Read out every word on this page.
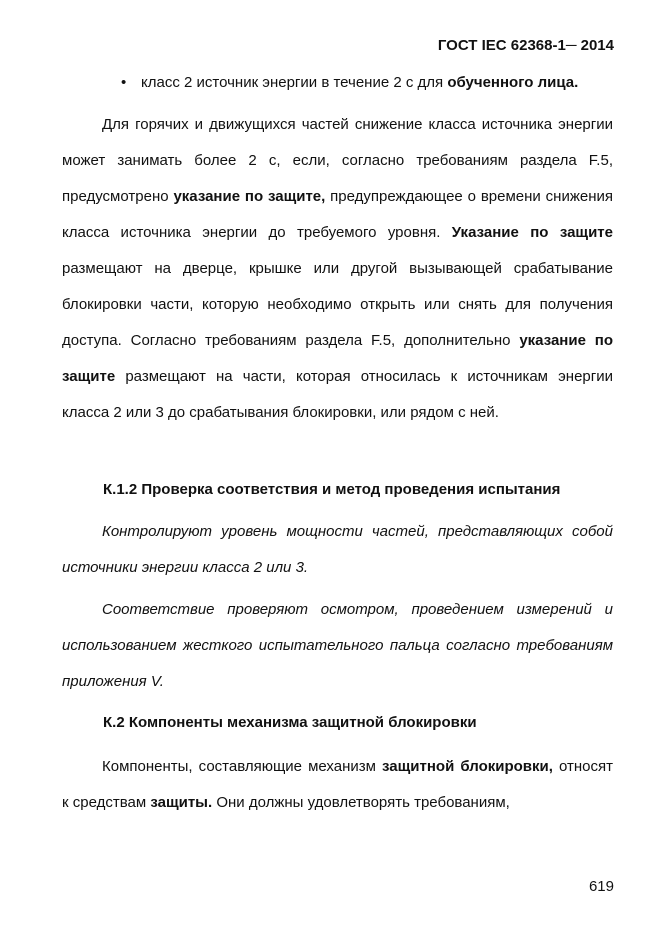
ГОСТ IEC 62368-1─ 2014
• класс 2 источник энергии в течение 2 с для обученного лица.

Для горячих и движущихся частей снижение класса источника энергии может занимать более 2 с, если, согласно требованиям раздела F.5, предусмотрено указание по защите, предупреждающее о времени снижения класса источника энергии до требуемого уровня. Указание по защите размещают на дверце, крышке или другой вызывающей срабатывание блокировки части, которую необходимо открыть или снять для получения доступа. Согласно требованиям раздела F.5, дополнительно указание по защите размещают на части, которая относилась к источникам энергии класса 2 или 3 до срабатывания блокировки, или рядом с ней.

К.1.2 Проверка соответствия и метод проведения испытания

Контролируют уровень мощности частей, представляющих собой источники энергии класса 2 или 3.

Соответствие проверяют осмотром, проведением измерений и использованием жесткого испытательного пальца согласно требованиям приложения V.

К.2 Компоненты механизма защитной блокировки

Компоненты, составляющие механизм защитной блокировки, относят к средствам защиты. Они должны удовлетворять требованиям,

619
